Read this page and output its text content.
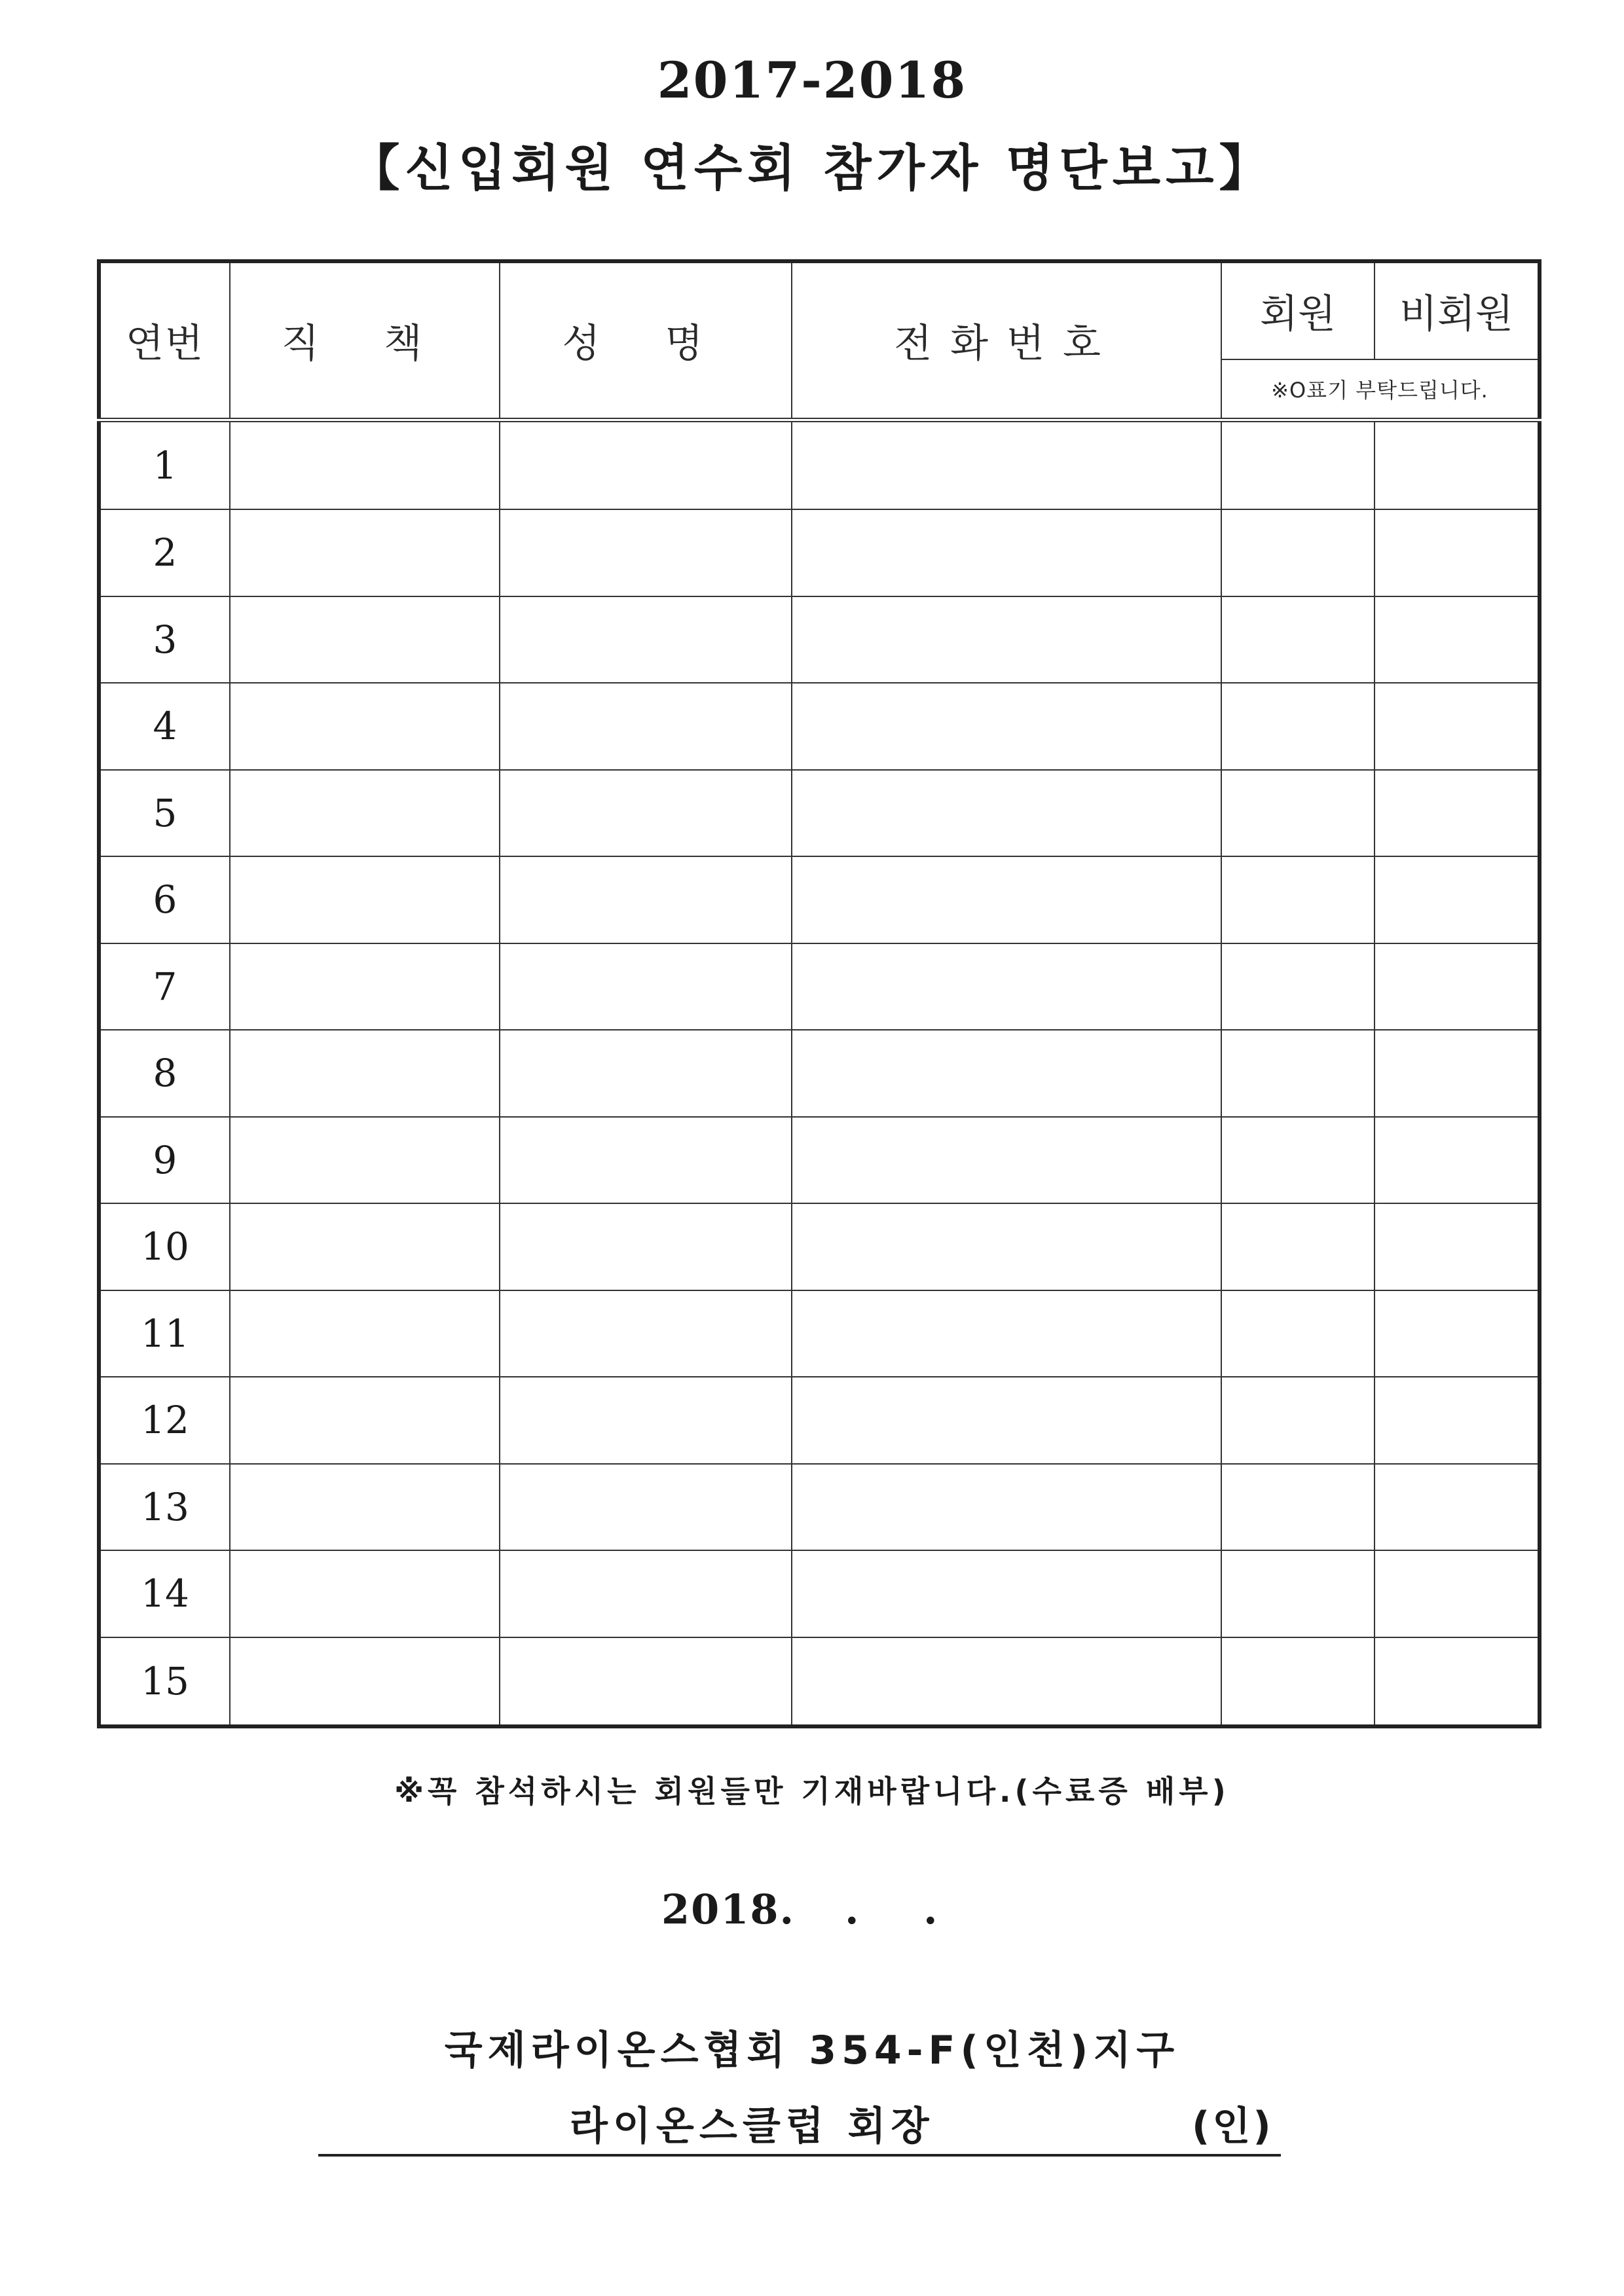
2017-2018
【신입회원 연수회 참가자 명단보고】
연번	직 책	성 명	전화번호	회원	비회원
				※O표기 부탁드립니다.	
1					
2					
3					
4					
5					
6					
7					
8					
9					
10					
11					
12					
13					
14					
15					
※꼭 참석하시는 회원들만 기재바랍니다.(수료증 배부)
2018. . .
국제라이온스협회 354-F(인천)지구
라이온스클럽 회장	(인)
